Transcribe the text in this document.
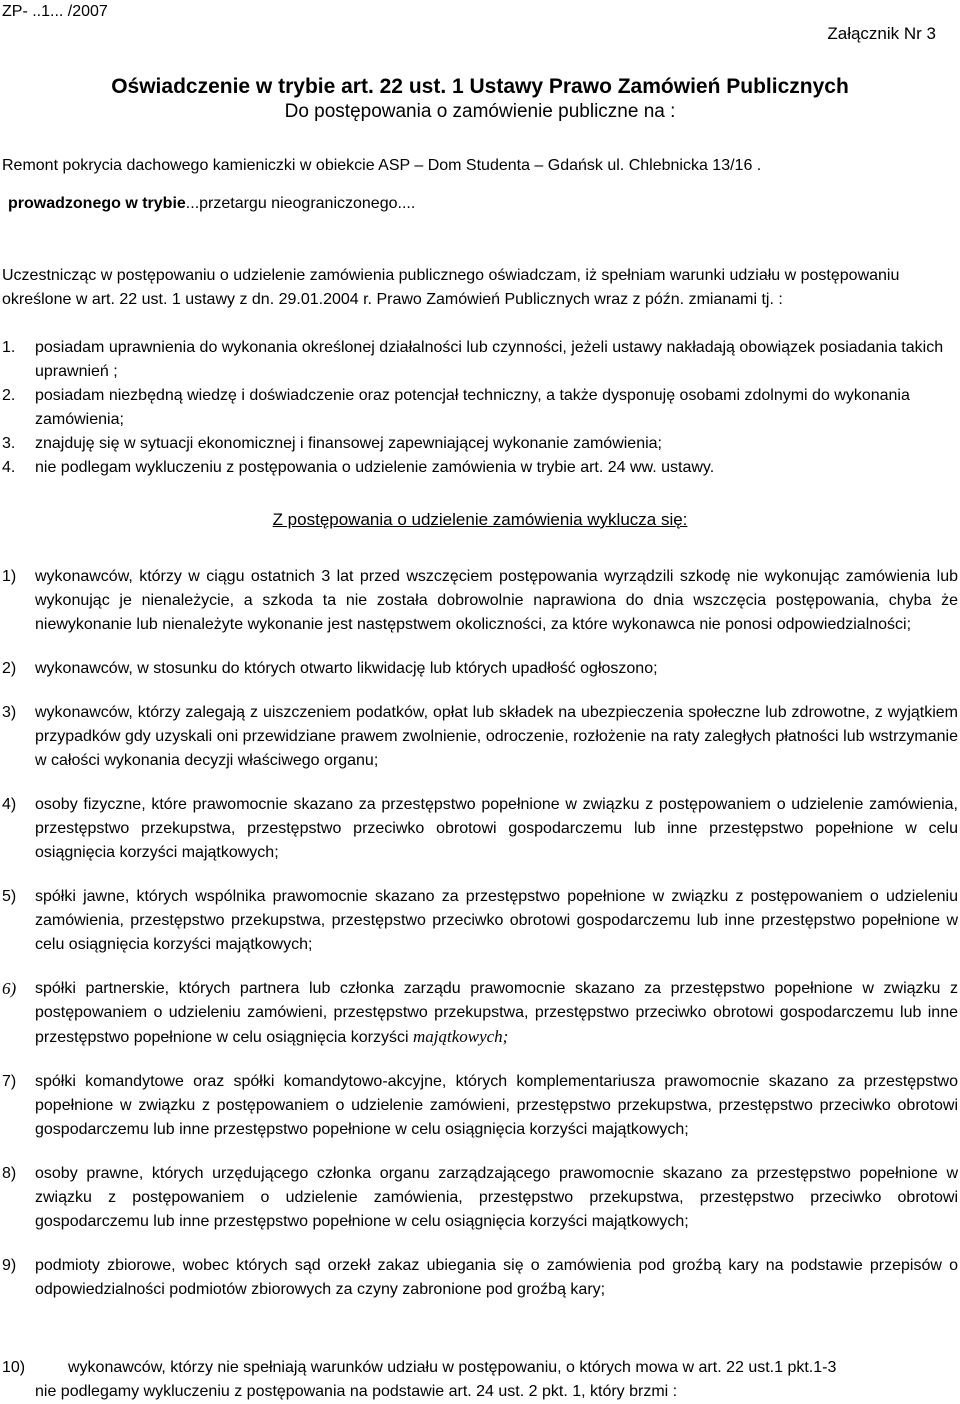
ZP- ..1... /2007
Załącznik Nr 3
Oświadczenie w trybie art. 22 ust. 1 Ustawy Prawo Zamówień Publicznych
Do postępowania o zamówienie publiczne na :
Remont pokrycia dachowego kamieniczki w obiekcie ASP – Dom Studenta – Gdańsk ul. Chlebnicka 13/16 .
prowadzonego w trybie...przetargu nieograniczonego....
Uczestnicząc w postępowaniu o udzielenie zamówienia publicznego oświadczam, iż spełniam warunki udziału w postępowaniu określone w art. 22 ust. 1 ustawy z dn. 29.01.2004 r. Prawo Zamówień Publicznych wraz z późn. zmianami tj. :
1.	posiadam uprawnienia do wykonania określonej działalności lub czynności, jeżeli ustawy nakładają obowiązek posiadania takich uprawnień ;
2.	posiadam niezbędną wiedzę i doświadczenie oraz potencjał techniczny, a także dysponuję osobami zdolnymi do wykonania zamówienia;
3.	znajduję się w sytuacji ekonomicznej i finansowej zapewniającej wykonanie zamówienia;
4.	nie podlegam wykluczeniu z postępowania o udzielenie zamówienia w trybie art. 24 ww. ustawy.
Z postępowania o udzielenie zamówienia wyklucza się:
1)	wykonawców, którzy w ciągu ostatnich 3 lat przed wszczęciem postępowania wyrządzili szkodę nie wykonując zamówienia lub wykonując je nienależycie, a szkoda ta nie została dobrowolnie naprawiona do dnia wszczęcia postępowania, chyba że niewykonanie lub nienależyte wykonanie jest następstwem okoliczności, za które wykonawca nie ponosi odpowiedzialności;
2)	wykonawców, w stosunku do których otwarto likwidację lub których upadłość ogłoszono;
3)	wykonawców, którzy zalegają z uiszczeniem podatków, opłat lub składek na ubezpieczenia społeczne lub zdrowotne, z wyjątkiem przypadków gdy uzyskali oni przewidziane prawem zwolnienie, odroczenie, rozłożenie na raty zaległych płatności lub wstrzymanie w całości wykonania decyzji właściwego organu;
4)	osoby fizyczne, które prawomocnie skazano za przestępstwo popełnione w związku z postępowaniem o udzielenie zamówienia, przestępstwo przekupstwa, przestępstwo przeciwko obrotowi gospodarczemu lub inne przestępstwo popełnione w celu osiągnięcia korzyści majątkowych;
5)	spółki jawne, których wspólnika prawomocnie skazano za przestępstwo popełnione w związku z postępowaniem o udzieleniu zamówienia, przestępstwo przekupstwa, przestępstwo przeciwko obrotowi gospodarczemu lub inne przestępstwo popełnione w celu osiągnięcia korzyści majątkowych;
6)	spółki partnerskie, których partnera lub członka zarządu prawomocnie skazano za przestępstwo popełnione w związku z postępowaniem o udzieleniu zamówieni, przestępstwo przekupstwa, przestępstwo przeciwko obrotowi gospodarczemu lub inne przestępstwo popełnione w celu osiągnięcia korzyści majątkowych;
7)	spółki komandytowe oraz spółki komandytowo-akcyjne, których komplementariusza prawomocnie skazano za przestępstwo popełnione w związku z postępowaniem o udzielenie zamówieni, przestępstwo przekupstwa, przestępstwo przeciwko obrotowi gospodarczemu lub inne przestępstwo popełnione w celu osiągnięcia korzyści majątkowych;
8)	osoby prawne, których urzędującego członka organu zarządzającego prawomocnie skazano za przestępstwo popełnione w związku z postępowaniem o udzielenie zamówienia, przestępstwo przekupstwa, przestępstwo przeciwko obrotowi gospodarczemu lub inne przestępstwo popełnione w celu osiągnięcia korzyści majątkowych;
9)	podmioty zbiorowe, wobec których sąd orzekł zakaz ubiegania się o zamówienia pod groźbą kary na podstawie przepisów o odpowiedzialności podmiotów zbiorowych za czyny zabronione pod groźbą kary;
10)	wykonawców, którzy nie spełniają warunków udziału w postępowaniu, o których mowa w art. 22 ust.1 pkt.1-3
nie podlegamy wykluczeniu z postępowania na podstawie art. 24 ust. 2 pkt. 1, który brzmi :
